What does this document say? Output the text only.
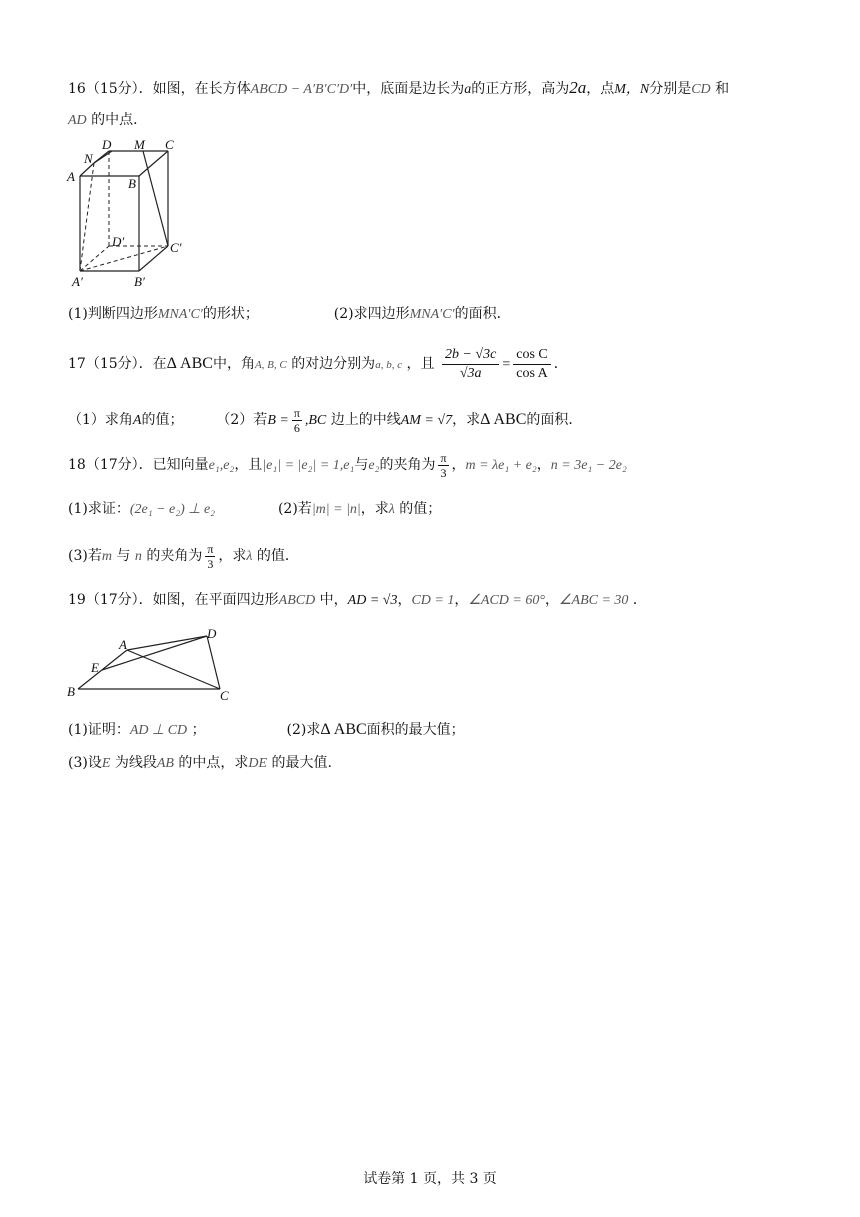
16（15分）．如图，在长方体ABCD − A′B′C′D′中，底面是边长为a的正方形，高为2a，点M，N分别是CD 和
AD 的中点．
D M C
N
A	B
D′	C′
A′	B′
(1)判断四边形MNA′C′的形状；	(2)求四边形MNA′C′的面积．
17（15分）．在Δ ABC中，角A, B, C 的对边分别为a, b, c ，且 $\frac{2b - √3c}{√3a} = \frac{\text{cos C}}{\text{cos A}}$ ．
（1）求角A的值； （2）若$B = \frac{\pi}{6} ,BC$ 边上的中线AM = √7，求Δ ABC的面积．
18（17分）．已知向量e₁,e₂，且|e₁| = |e₂| = 1,e₁与e₂的夹角为 $\frac{\pi}{3}$ ，m = λe₁ + e₂，n = 3e₁ − 2e₂
(1)求证：(2e₁ − e₂) ⊥ e₂	(2)若|m| = |n|，求λ 的值；
(3)若m 与 n 的夹角为 $\frac{\pi}{3}$ ，求λ 的值．
19（17分）．如图，在平面四边形ABCD 中，AD = √3，CD = 1，∠ACD = 60°，∠ABC = 30 ．
A
D
E
B	C
(1)证明：AD ⊥ CD ；	(2)求Δ ABC面积的最大值；
(3)设E 为线段AB 的中点，求DE 的最大值.
试卷第 1 页，共 3 页
